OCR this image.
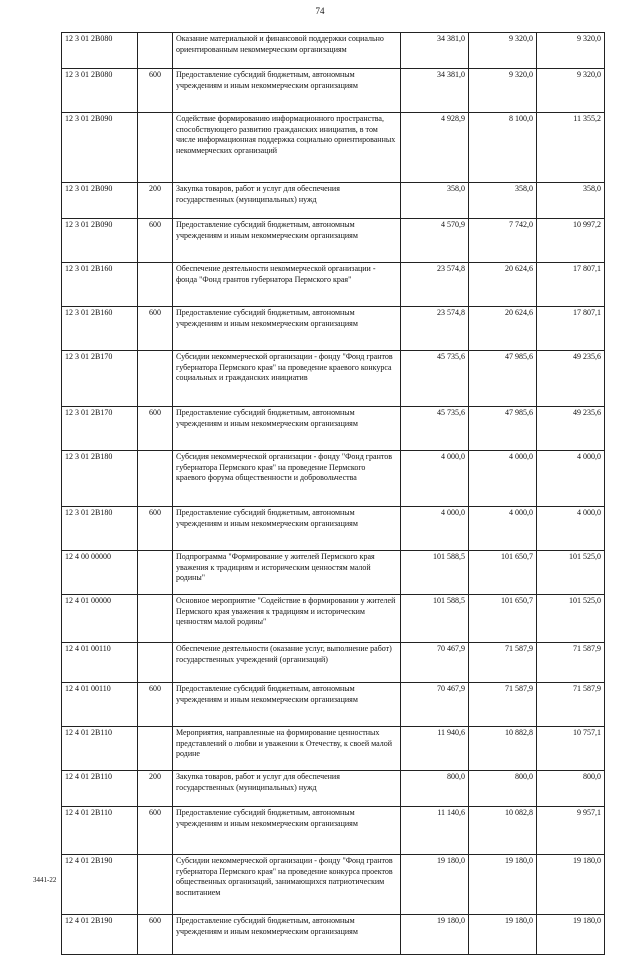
74
12 3 01 2B080		Оказание материальной и финансовой поддержки социально ориентированным некоммерческим организациям	34 381,0	9 320,0	9 320,0
12 3 01 2B080	600	Предоставление субсидий бюджетным, автономным учреждениям и иным некоммерческим организациям	34 381,0	9 320,0	9 320,0
12 3 01 2B090		Содействие формированию информационного пространства, способствующего развитию гражданских инициатив, в том числе информационная поддержка социально ориентированных некоммерческих организаций	4 928,9	8 100,0	11 355,2
12 3 01 2B090	200	Закупка товаров, работ и услуг для обеспечения государственных (муниципальных) нужд	358,0	358,0	358,0
12 3 01 2B090	600	Предоставление субсидий бюджетным, автономным учреждениям и иным некоммерческим организациям	4 570,9	7 742,0	10 997,2
12 3 01 2B160		Обеспечение деятельности некоммерческой организации - фонда "Фонд грантов губернатора Пермского края"	23 574,8	20 624,6	17 807,1
12 3 01 2B160	600	Предоставление субсидий бюджетным, автономным учреждениям и иным некоммерческим организациям	23 574,8	20 624,6	17 807,1
12 3 01 2B170		Субсидии некоммерческой организации - фонду "Фонд грантов губернатора Пермского края" на проведение краевого конкурса социальных и гражданских инициатив	45 735,6	47 985,6	49 235,6
12 3 01 2B170	600	Предоставление субсидий бюджетным, автономным учреждениям и иным некоммерческим организациям	45 735,6	47 985,6	49 235,6
12 3 01 2B180		Субсидия некоммерческой организации - фонду "Фонд грантов губернатора Пермского края" на проведение Пермского краевого форума общественности и добровольчества	4 000,0	4 000,0	4 000,0
12 3 01 2B180	600	Предоставление субсидий бюджетным, автономным учреждениям и иным некоммерческим организациям	4 000,0	4 000,0	4 000,0
12 4 00 00000		Подпрограмма "Формирование у жителей Пермского края уважения к традициям и историческим ценностям малой родины"	101 588,5	101 650,7	101 525,0
12 4 01 00000		Основное мероприятие "Содействие в формировании у жителей Пермского края уважения к традициям и историческим ценностям малой родины"	101 588,5	101 650,7	101 525,0
12 4 01 00110		Обеспечение деятельности (оказание услуг, выполнение работ) государственных учреждений (организаций)	70 467,9	71 587,9	71 587,9
12 4 01 00110	600	Предоставление субсидий бюджетным, автономным учреждениям и иным некоммерческим организациям	70 467,9	71 587,9	71 587,9
12 4 01 2B110		Мероприятия, направленные на формирование ценностных представлений о любви и уважении к Отечеству, к своей малой родине	11 940,6	10 882,8	10 757,1
12 4 01 2B110	200	Закупка товаров, работ и услуг для обеспечения государственных (муниципальных) нужд	800,0	800,0	800,0
12 4 01 2B110	600	Предоставление субсидий бюджетным, автономным учреждениям и иным некоммерческим организациям	11 140,6	10 082,8	9 957,1
12 4 01 2B190		Субсидии некоммерческой организации - фонду "Фонд грантов губернатора Пермского края" на проведение конкурса проектов общественных организаций, занимающихся патриотическим воспитанием	19 180,0	19 180,0	19 180,0
12 4 01 2B190	600	Предоставление субсидий бюджетным, автономным учреждениям и иным некоммерческим организациям	19 180,0	19 180,0	19 180,0
3441-22
